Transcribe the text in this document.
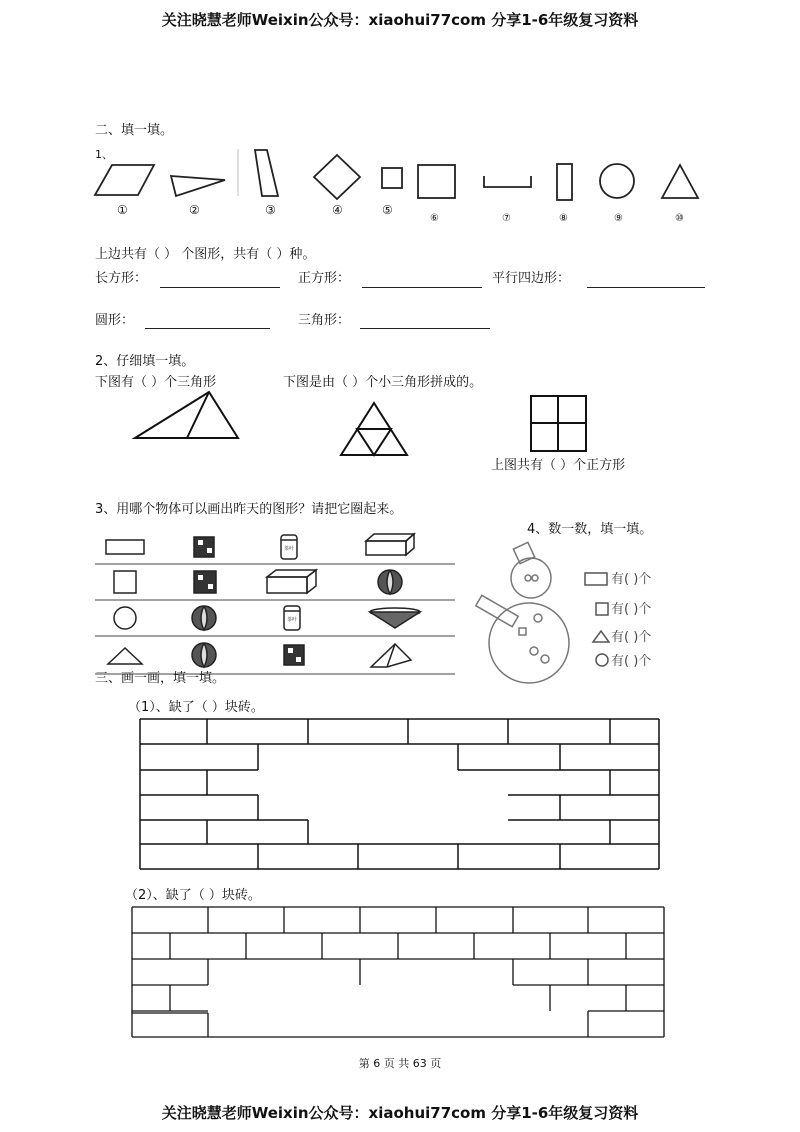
关注晓慧老师Weixin公众号：xiaohui77com 分享1-6年级复习资料
关注晓慧老师Weixin公众号：xiaohui77com 分享1-6年级复习资料
第 6 页 共 63 页
二、填一填。
1、
①	②	③	④	⑤
⑥	⑦	⑧	⑨	⑩
上边共有（ ） 个图形，共有（ ）种。
长方形：	正方形：	平行四边形：
圆形：	三角形：
2、仔细填一填。
下图有（ ）个三角形	下图是由（ ）个小三角形拼成的。
上图共有（ ）个正方形
3、用哪个物体可以画出昨天的图形？请把它圈起来。
茶叶
茶叶
4、数一数，填一填。
有( )个
有( )个
有( )个
有( )个
三、画一画，填一填。
（1）、缺了（ ）块砖。
（2）、缺了（ ）块砖。
